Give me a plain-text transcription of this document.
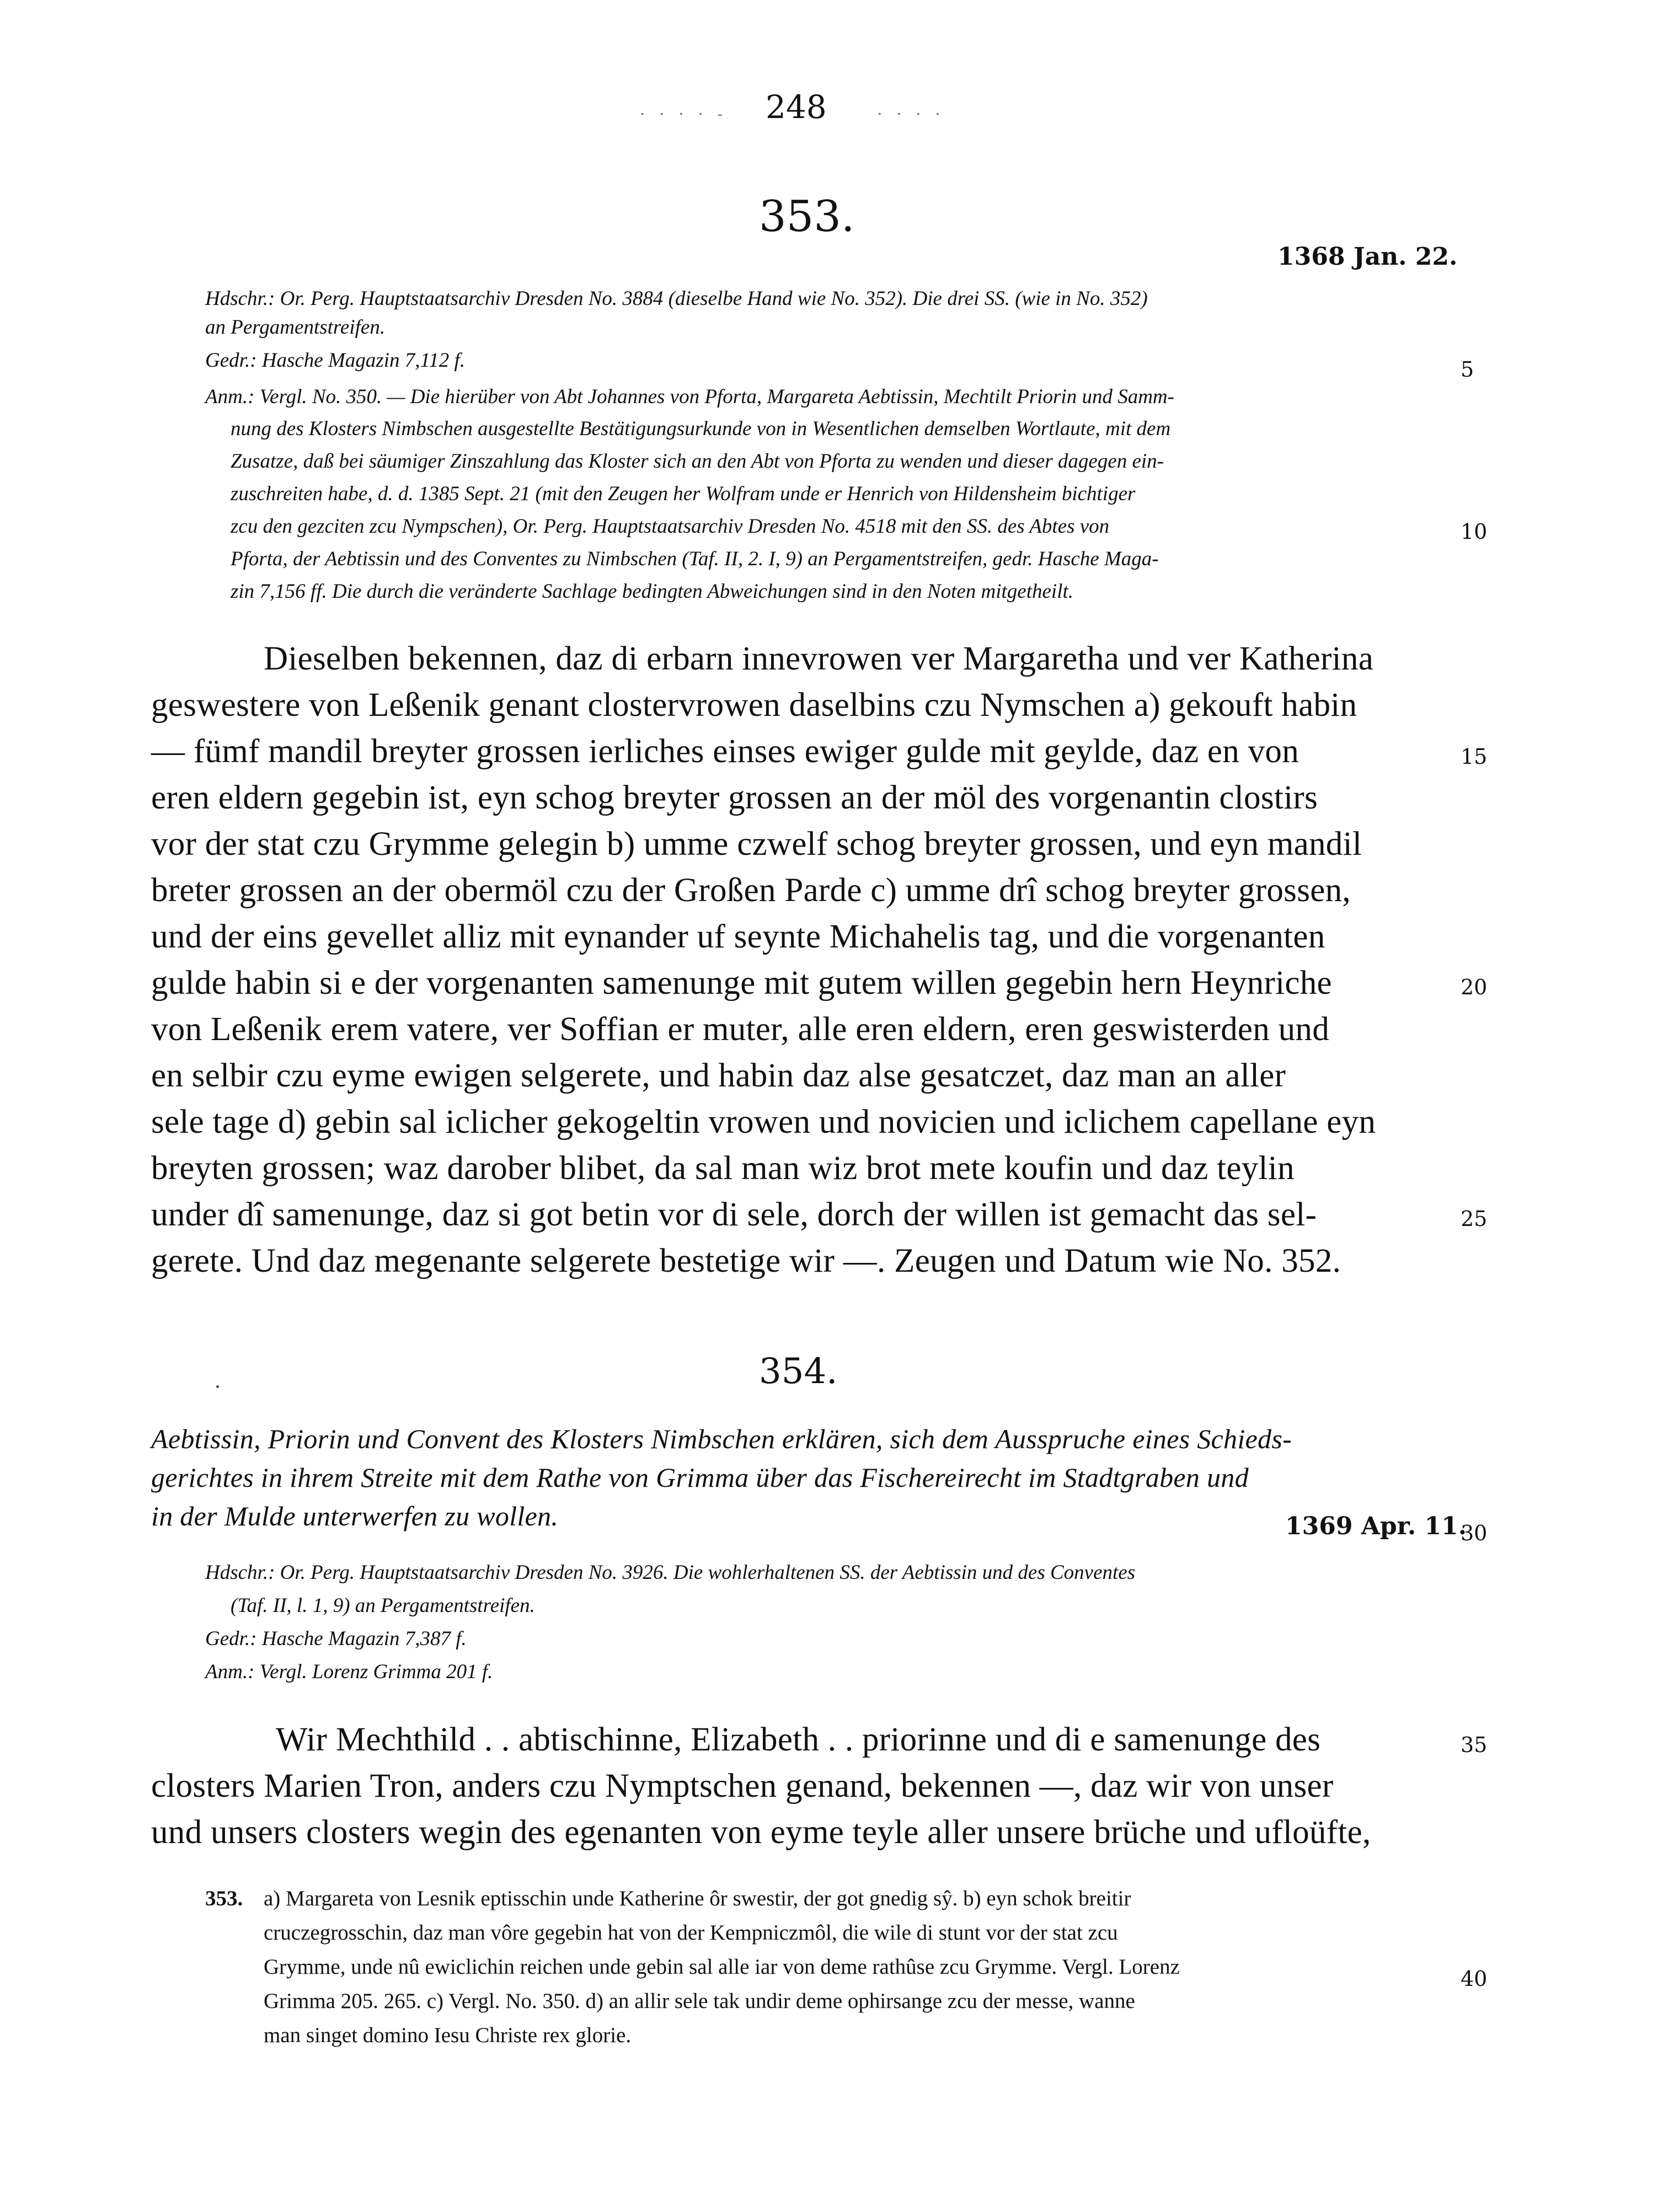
· · · · - 248	· · · ·
353.
1368 Jan. 22.
Hdschr.: Or. Perg. Hauptstaatsarchiv Dresden No. 3884 (dieselbe Hand wie No. 352). Die drei SS. (wie in No. 352)
an Pergamentstreifen.
Gedr.: Hasche Magazin 7,112 f.
Anm.: Vergl. No. 350. — Die hierüber von Abt Johannes von Pforta, Margareta Aebtissin, Mechtilt Priorin und Samm-
nung des Klosters Nimbschen ausgestellte Bestätigungsurkunde von in Wesentlichen demselben Wortlaute, mit dem
Zusatze, daß bei säumiger Zinszahlung das Kloster sich an den Abt von Pforta zu wenden und dieser dagegen ein-
zuschreiten habe, d. d. 1385 Sept. 21 (mit den Zeugen her Wolfram unde er Henrich von Hildensheim bichtiger
zcu den gezciten zcu Nympschen), Or. Perg. Hauptstaatsarchiv Dresden No. 4518 mit den SS. des Abtes von
Pforta, der Aebtissin und des Conventes zu Nimbschen (Taf. II, 2. I, 9) an Pergamentstreifen, gedr. Hasche Maga-
zin 7,156 ff. Die durch die veränderte Sachlage bedingten Abweichungen sind in den Noten mitgetheilt.
Dieselben bekennen, daz di erbarn innevrowen ver Margaretha und ver Katherina
geswestere von Leßenik genant clostervrowen daselbins czu Nymschen a) gekouft habin
— fümf mandil breyter grossen ierliches einses ewiger gulde mit geylde, daz en von
eren eldern gegebin ist, eyn schog breyter grossen an der möl des vorgenantin clostirs
vor der stat czu Grymme gelegin b) umme czwelf schog breyter grossen, und eyn mandil
breter grossen an der obermöl czu der Großen Parde c) umme drî schog breyter grossen,
und der eins gevellet alliz mit eynander uf seynte Michahelis tag, und die vorgenanten
gulde habin si e der vorgenanten samenunge mit gutem willen gegebin hern Heynriche
von Leßenik erem vatere, ver Soffian er muter, alle eren eldern, eren geswisterden und
en selbir czu eyme ewigen selgerete, und habin daz alse gesatczet, daz man an aller
sele tage d) gebin sal iclicher gekogeltin vrowen und novicien und iclichem capellane eyn
breyten grossen; waz darober blibet, da sal man wiz brot mete koufin und daz teylin
under dî samenunge, daz si got betin vor di sele, dorch der willen ist gemacht das sel-
gerete. Und daz megenante selgerete bestetige wir —. Zeugen und Datum wie No. 352.
354.
Aebtissin, Priorin und Convent des Klosters Nimbschen erklären, sich dem Ausspruche eines Schieds-
gerichtes in ihrem Streite mit dem Rathe von Grimma über das Fischereirecht im Stadtgraben und
in der Mulde unterwerfen zu wollen.	1369 Apr. 11.
Hdschr.: Or. Perg. Hauptstaatsarchiv Dresden No. 3926. Die wohlerhaltenen SS. der Aebtissin und des Conventes
(Taf. II, l. 1, 9) an Pergamentstreifen.
Gedr.: Hasche Magazin 7,387 f.
Anm.: Vergl. Lorenz Grimma 201 f.
Wir Mechthild . . abtischinne, Elizabeth . . priorinne und di e samenunge des
closters Marien Tron, anders czu Nymptschen genand, bekennen —, daz wir von unser
und unsers closters wegin des egenanten von eyme teyle aller unsere brüche und ufloüfte,
353. a) Margareta von Lesnik eptisschin unde Katherine ôr swestir, der got gnedig sŷ. b) eyn schok breitir
cruczegrosschin, daz man vôre gegebin hat von der Kempniczmôl, die wile di stunt vor der stat zcu
Grymme, unde nû ewiclichin reichen unde gebin sal alle iar von deme rathûse zcu Grymme. Vergl. Lorenz
Grimma 205. 265. c) Vergl. No. 350. d) an allir sele tak undir deme ophirsange zcu der messe, wanne
man singet domino Iesu Christe rex glorie.
5
10
15
20
25
30
35
40
